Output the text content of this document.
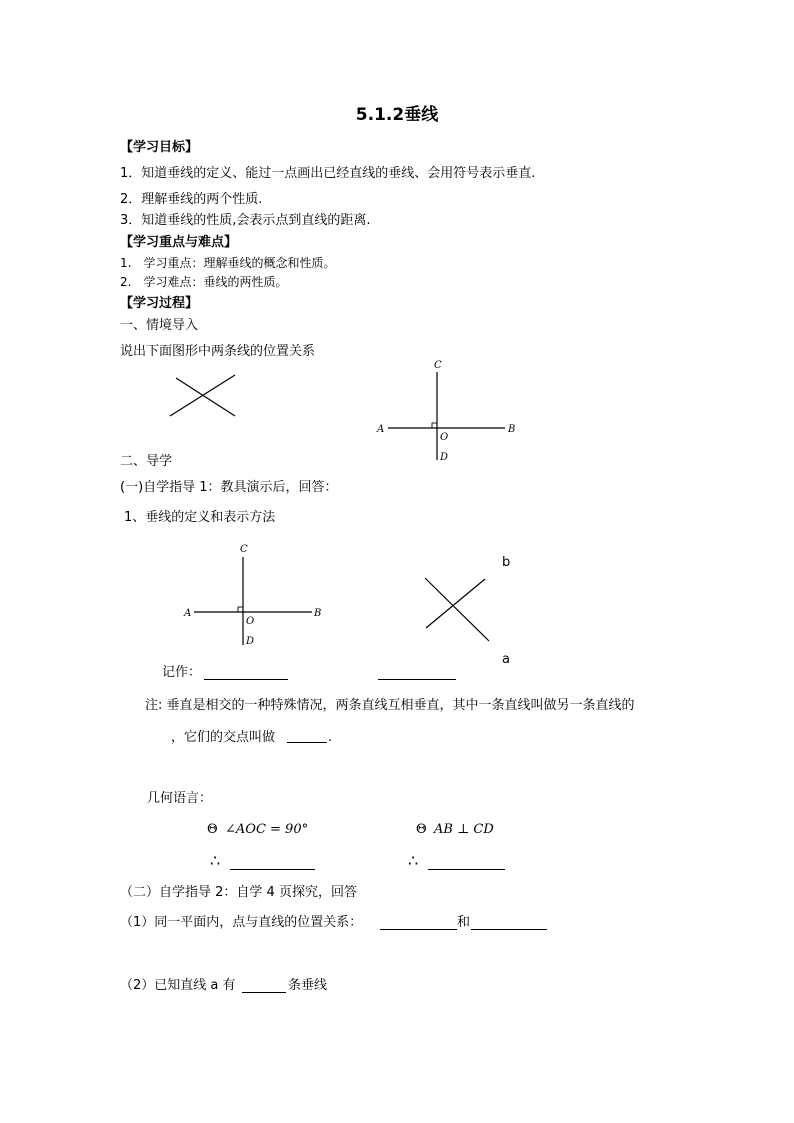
5.1.2垂线
【学习目标】
1．知道垂线的定义、能过一点画出已经直线的垂线、会用符号表示垂直.
2．理解垂线的两个性质.
3．知道垂线的性质,会表示点到直线的距离.
【学习重点与难点】
1.　学习重点：理解垂线的概念和性质。
2.　学习难点：垂线的两性质。
【学习过程】
一、情境导入
说出下面图形中两条线的位置关系
C
A
O
B
D
二、导学
(一)自学指导 1：教具演示后，回答：
1、垂线的定义和表示方法
C
A
O
B
D
b
a
记作：
注: 垂直是相交的一种特殊情况，两条直线互相垂直，其中一条直线叫做另一条直线的
，它们的交点叫做	.
几何语言：
Θ ∠AOC = 90°	Θ AB ⊥ CD
∴	∴
（二）自学指导 2：自学 4 页探究，回答
（1）同一平面内，点与直线的位置关系：	和
（2）已知直线 a 有	条垂线
